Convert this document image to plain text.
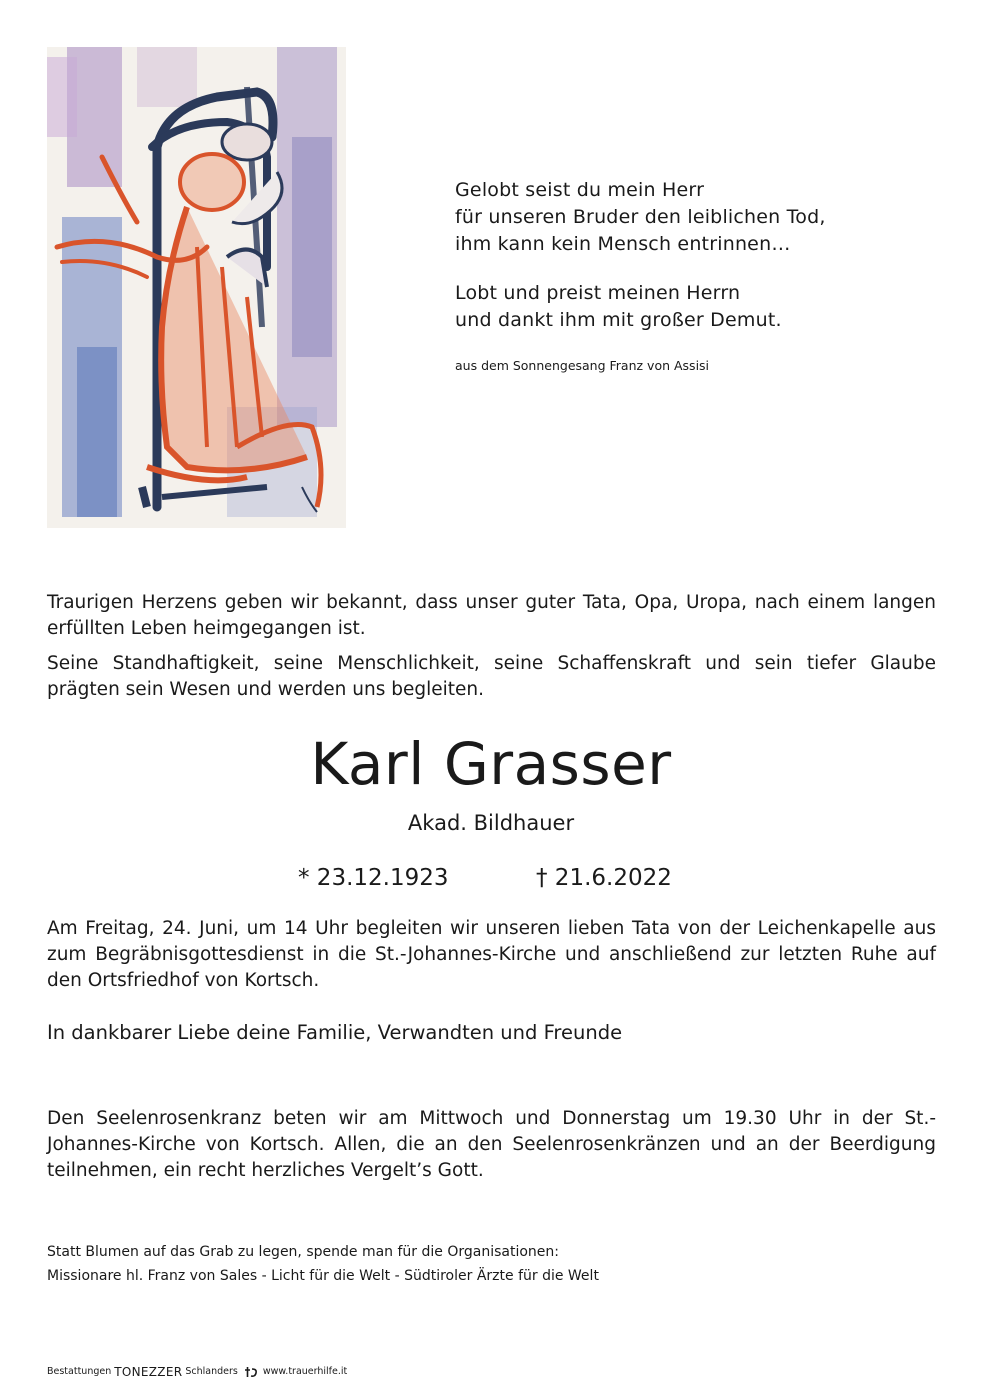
Gelobt seist du mein Herr
für unseren Bruder den leiblichen Tod,
ihm kann kein Mensch entrinnen…
Lobt und preist meinen Herrn
und dankt ihm mit großer Demut.
aus dem Sonnengesang Franz von Assisi

Traurigen Herzens geben wir bekannt, dass unser guter Tata, Opa, Uropa, nach einem langen erfüllten Leben heimgegangen ist.

Seine Standhaftigkeit, seine Menschlichkeit, seine Schaffenskraft und sein tiefer Glaube prägten sein Wesen und werden uns begleiten.

Karl Grasser
Akad. Bildhauer
* 23.12.1923	† 21.6.2022

Am Freitag, 24. Juni, um 14 Uhr begleiten wir unseren lieben Tata von der Leichenkapelle aus zum Begräbnisgottesdienst in die St.-Johannes-Kirche und anschließend zur letzten Ruhe auf den Ortsfriedhof von Kortsch.

In dankbarer Liebe deine Familie, Verwandten und Freunde

Den Seelenrosenkranz beten wir am Mittwoch und Donnerstag um 19.30 Uhr in der St.-Johannes-Kirche von Kortsch. Allen, die an den Seelenrosenkränzen und an der Beerdigung teilnehmen, ein recht herzliches Vergelt’s Gott.

Statt Blumen auf das Grab zu legen, spende man für die Organisationen:
Missionare hl. Franz von Sales - Licht für die Welt - Südtiroler Ärzte für die Welt
Bestattungen TONEZZER Schlanders	www.trauerhilfe.it
